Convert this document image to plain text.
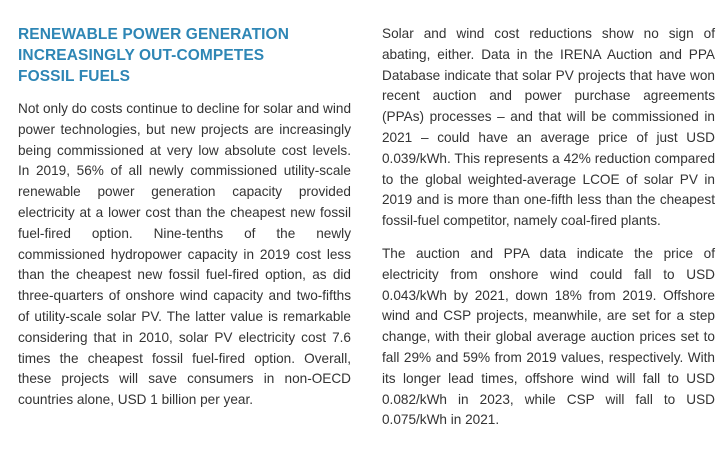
RENEWABLE POWER GENERATION
INCREASINGLY OUT-COMPETES
FOSSIL FUELS

Not only do costs continue to decline for solar and wind power technologies, but new projects are increasingly being commissioned at very low absolute cost levels. In 2019, 56% of all newly commissioned utility-scale renewable power generation capacity provided electricity at a lower cost than the cheapest new fossil fuel-fired option. Nine-tenths of the newly commissioned hydropower capacity in 2019 cost less than the cheapest new fossil fuel-fired option, as did three-quarters of onshore wind capacity and two-fifths of utility-scale solar PV. The latter value is remarkable considering that in 2010, solar PV electricity cost 7.6 times the cheapest fossil fuel-fired option. Overall, these projects will save consumers in non-OECD countries alone, USD 1 billion per year.

Solar and wind cost reductions show no sign of abating, either. Data in the IRENA Auction and PPA Database indicate that solar PV projects that have won recent auction and power purchase agreements (PPAs) processes – and that will be commissioned in 2021 – could have an average price of just USD 0.039/kWh. This represents a 42% reduction compared to the global weighted-average LCOE of solar PV in 2019 and is more than one-fifth less than the cheapest fossil-fuel competitor, namely coal-fired plants.

The auction and PPA data indicate the price of electricity from onshore wind could fall to USD 0.043/kWh by 2021, down 18% from 2019. Offshore wind and CSP projects, meanwhile, are set for a step change, with their global average auction prices set to fall 29% and 59% from 2019 values, respectively. With its longer lead times, offshore wind will fall to USD 0.082/kWh in 2023, while CSP will fall to USD 0.075/kWh in 2021.
